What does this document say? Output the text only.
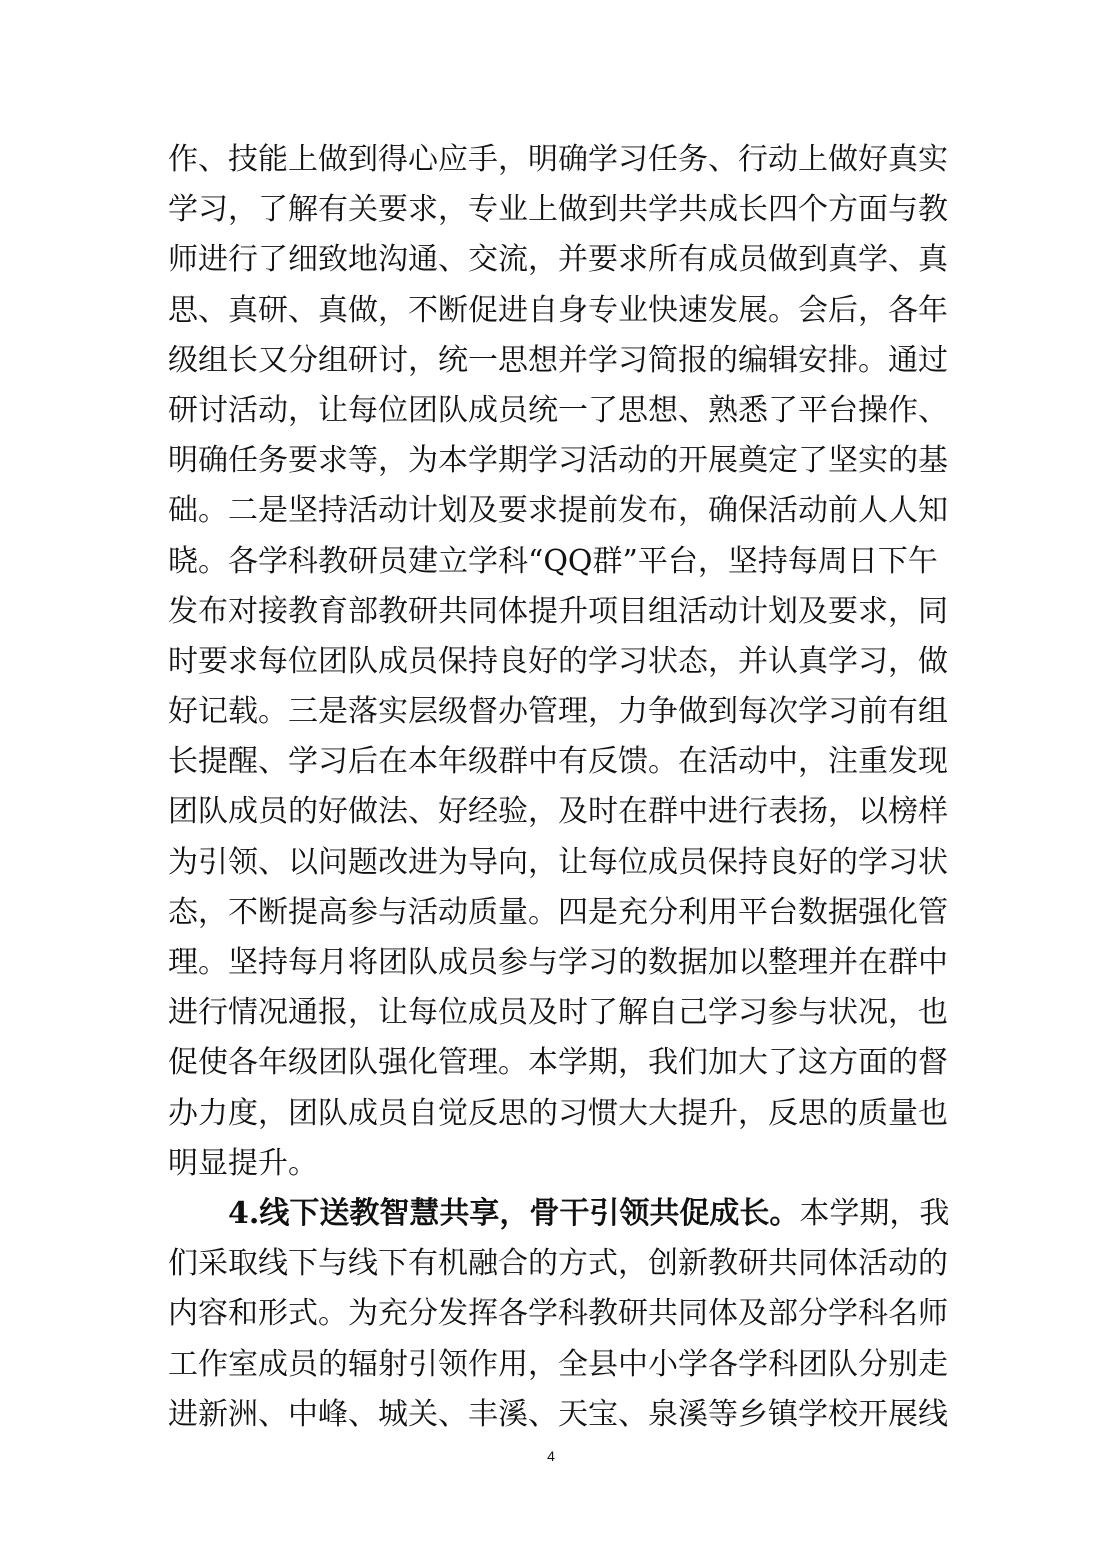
作、技能上做到得心应手，明确学习任务、行动上做好真实
学习，了解有关要求，专业上做到共学共成长四个方面与教
师进行了细致地沟通、交流，并要求所有成员做到真学、真
思、真研、真做，不断促进自身专业快速发展。会后，各年
级组长又分组研讨，统一思想并学习简报的编辑安排。通过
研讨活动，让每位团队成员统一了思想、熟悉了平台操作、
明确任务要求等，为本学期学习活动的开展奠定了坚实的基
础。二是坚持活动计划及要求提前发布，确保活动前人人知
晓。各学科教研员建立学科“QQ群”平台，坚持每周日下午
发布对接教育部教研共同体提升项目组活动计划及要求，同
时要求每位团队成员保持良好的学习状态，并认真学习，做
好记载。三是落实层级督办管理，力争做到每次学习前有组
长提醒、学习后在本年级群中有反馈。在活动中，注重发现
团队成员的好做法、好经验，及时在群中进行表扬，以榜样
为引领、以问题改进为导向，让每位成员保持良好的学习状
态，不断提高参与活动质量。四是充分利用平台数据强化管
理。坚持每月将团队成员参与学习的数据加以整理并在群中
进行情况通报，让每位成员及时了解自己学习参与状况，也
促使各年级团队强化管理。本学期，我们加大了这方面的督
办力度，团队成员自觉反思的习惯大大提升，反思的质量也
明显提升。
4.线下送教智慧共享，骨干引领共促成长。本学期，我
们采取线下与线下有机融合的方式，创新教研共同体活动的
内容和形式。为充分发挥各学科教研共同体及部分学科名师
工作室成员的辐射引领作用，全县中小学各学科团队分别走
进新洲、中峰、城关、丰溪、天宝、泉溪等乡镇学校开展线
4
